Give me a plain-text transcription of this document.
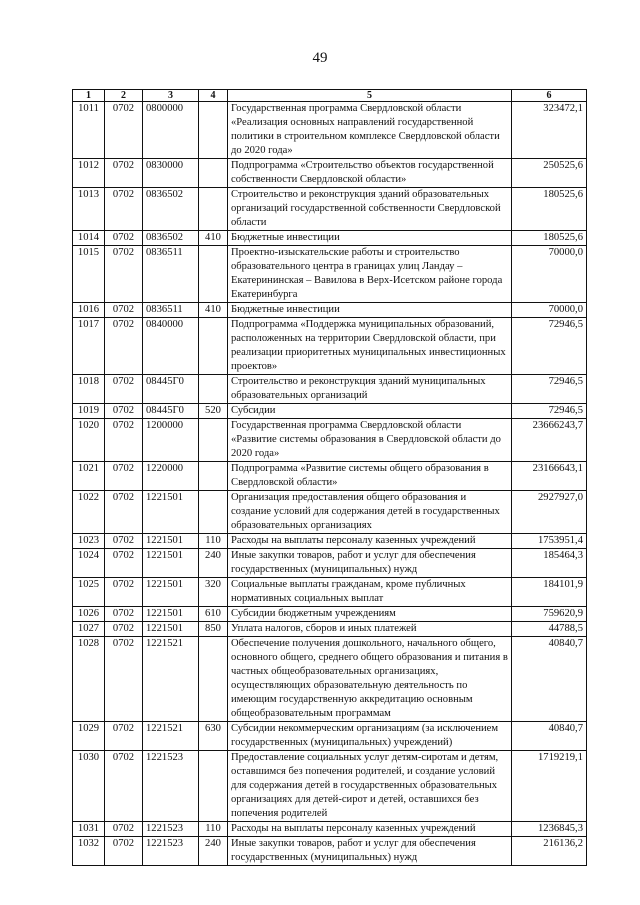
49
1	2	3	4	5	6
1011	0702	0800000		Государственная программа Свердловской области «Реализация основных направлений государственной политики в строительном комплексе Свердловской области до 2020 года»	323472,1
1012	0702	0830000		Подпрограмма «Строительство объектов государственной собственности Свердловской области»	250525,6
1013	0702	0836502		Строительство и реконструкция зданий образовательных организаций государственной собственности Свердловской области	180525,6
1014	0702	0836502	410	Бюджетные инвестиции	180525,6
1015	0702	0836511		Проектно-изыскательские работы и строительство образовательного центра в границах улиц Ландау – Екатерининская – Вавилова в Верх-Исетском районе города Екатеринбурга	70000,0
1016	0702	0836511	410	Бюджетные инвестиции	70000,0
1017	0702	0840000		Подпрограмма «Поддержка муниципальных образований, расположенных на территории Свердловской области, при реализации приоритетных муниципальных инвестиционных проектов»	72946,5
1018	0702	08445Г0		Строительство и реконструкция зданий муниципальных образовательных организаций	72946,5
1019	0702	08445Г0	520	Субсидии	72946,5
1020	0702	1200000		Государственная программа Свердловской области «Развитие системы образования в Свердловской области до 2020 года»	23666243,7
1021	0702	1220000		Подпрограмма «Развитие системы общего образования в Свердловской области»	23166643,1
1022	0702	1221501		Организация предоставления общего образования и создание условий для содержания детей в государственных образовательных организациях	2927927,0
1023	0702	1221501	110	Расходы на выплаты персоналу казенных учреждений	1753951,4
1024	0702	1221501	240	Иные закупки товаров, работ и услуг для обеспечения государственных (муниципальных) нужд	185464,3
1025	0702	1221501	320	Социальные выплаты гражданам, кроме публичных нормативных социальных выплат	184101,9
1026	0702	1221501	610	Субсидии бюджетным учреждениям	759620,9
1027	0702	1221501	850	Уплата налогов, сборов и иных платежей	44788,5
1028	0702	1221521		Обеспечение получения дошкольного, начального общего, основного общего, среднего общего образования и питания в частных общеобразовательных организациях, осуществляющих образовательную деятельность по имеющим государственную аккредитацию основным общеобразовательным программам	40840,7
1029	0702	1221521	630	Субсидии некоммерческим организациям (за исключением государственных (муниципальных) учреждений)	40840,7
1030	0702	1221523		Предоставление социальных услуг детям-сиротам и детям, оставшимся без попечения родителей, и создание условий для содержания детей в государственных образовательных организациях для детей-сирот и детей, оставшихся без попечения родителей	1719219,1
1031	0702	1221523	110	Расходы на выплаты персоналу казенных учреждений	1236845,3
1032	0702	1221523	240	Иные закупки товаров, работ и услуг для обеспечения государственных (муниципальных) нужд	216136,2
